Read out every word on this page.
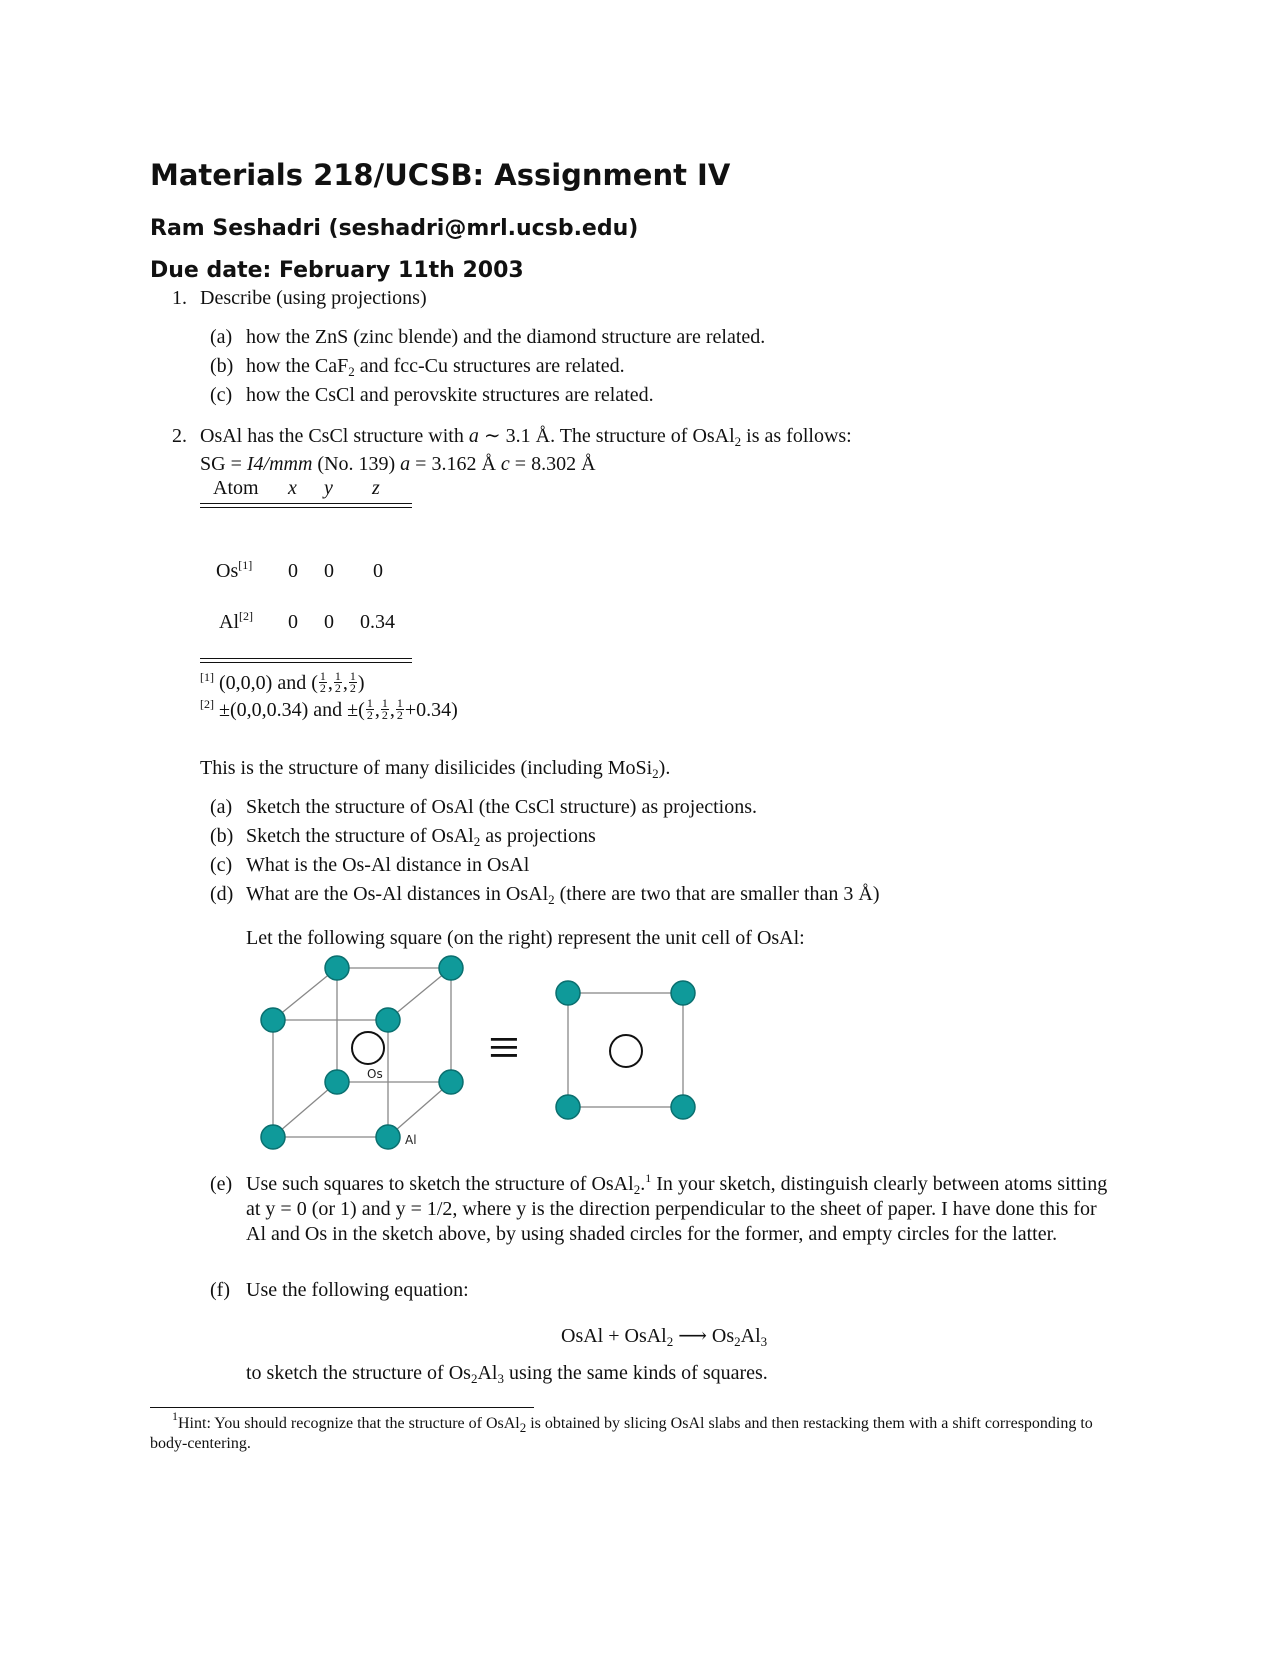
Materials 218/UCSB: Assignment IV
Ram Seshadri (seshadri@mrl.ucsb.edu)
Due date: February 11th 2003
1. Describe (using projections)
(a) how the ZnS (zinc blende) and the diamond structure are related.
(b) how the CaF$_2$ and fcc-Cu structures are related.
(c) how the CsCl and perovskite structures are related.
2. OsAl has the CsCl structure with a ∼ 3.1 Å. The structure of OsAl$_2$ is as follows:
SG = I4/mmm (No. 139) a = 3.162 Å c = 8.302 Å
Atom x y z
Os[1] 0 0 0
Al[2] 0 0 0.34
[1] (0,0,0) and ( $\frac{1}{2}$ , $\frac{1}{2}$ , $\frac{1}{2}$ )
[2] ±(0,0,0.34) and ±( $\frac{1}{2}$ , $\frac{1}{2}$ , $\frac{1}{2} +0.34$)
This is the structure of many disilicides (including MoSi$_2$).
(a) Sketch the structure of OsAl (the CsCl structure) as projections.
(b) Sketch the structure of OsAl$_2$ as projections
(c) What is the Os-Al distance in OsAl
(d) What are the Os-Al distances in OsAl$_2$ (there are two that are smaller than 3 Å)
Let the following square (on the right) represent the unit cell of OsAl:
Os
Al
≡
(e) Use such squares to sketch the structure of OsAl$_2$.$^1$ In your sketch, distinguish clearly between atoms sitting at y = 0 (or 1) and y = 1/2, where y is the direction perpendicular to the sheet of paper. I have done this for Al and Os in the sketch above, by using shaded circles for the former, and empty circles for the latter.
(f) Use the following equation:
OsAl + OsAl$_2$ ⟶ $Os_2Al_3$
to sketch the structure of $Os_2Al_3$ using the same kinds of squares.
$^1$Hint: You should recognize that the structure of OsAl$_2$ is obtained by slicing OsAl slabs and then restacking them with a shift corresponding to body-centering.
